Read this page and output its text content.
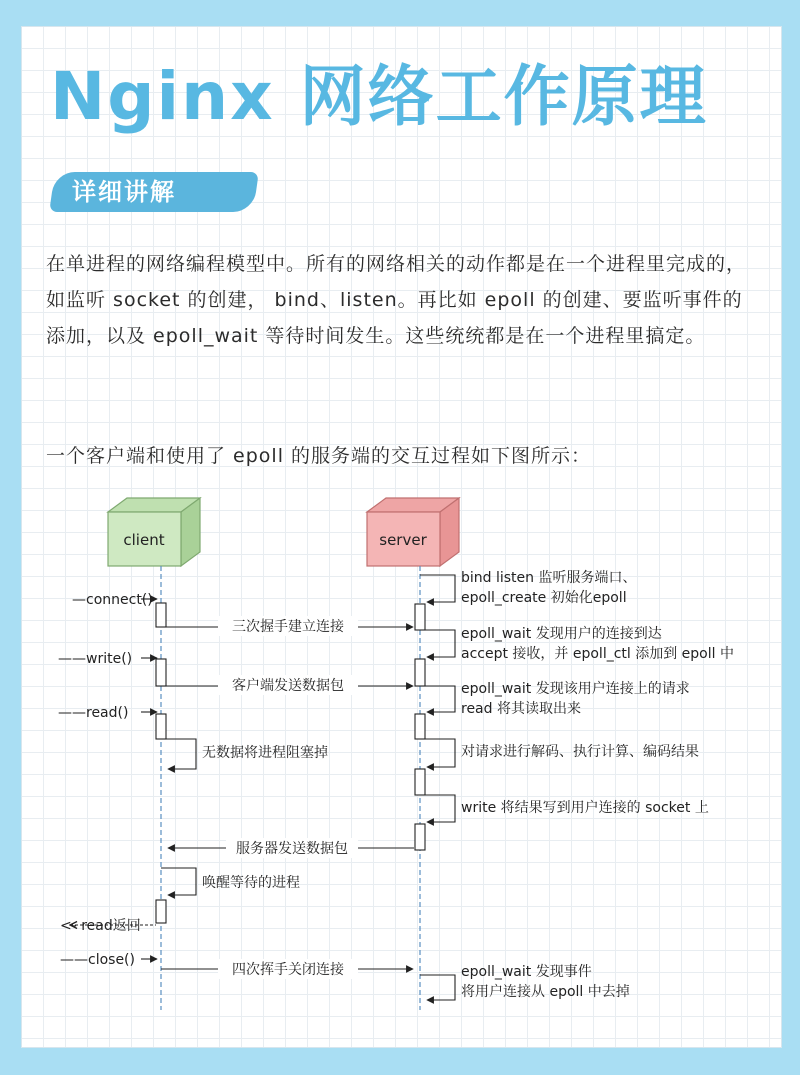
Nginx 网络工作原理
详细讲解

在单进程的网络编程模型中。所有的网络相关的动作都是在一个进程里完成的，如监听 socket 的创建， bind、listen。再比如 epoll 的创建、要监听事件的添加，以及 epoll_wait 等待时间发生。这些统统都是在一个进程里搞定。

一个客户端和使用了 epoll 的服务端的交互过程如下图所示：

client	server
—connect()
——write()
——read()
——close()
<- read返回
三次握手建立连接
客户端发送数据包
服务器发送数据包
四次挥手关闭连接
无数据将进程阻塞掉
唤醒等待的进程
bind listen 监听服务端口、
epoll_create 初始化epoll
epoll_wait 发现用户的连接到达
accept 接收，并 epoll_ctl 添加到 epoll 中
epoll_wait 发现该用户连接上的请求
read 将其读取出来
对请求进行解码、执行计算、编码结果
write 将结果写到用户连接的 socket 上
epoll_wait 发现事件
将用户连接从 epoll 中去掉
